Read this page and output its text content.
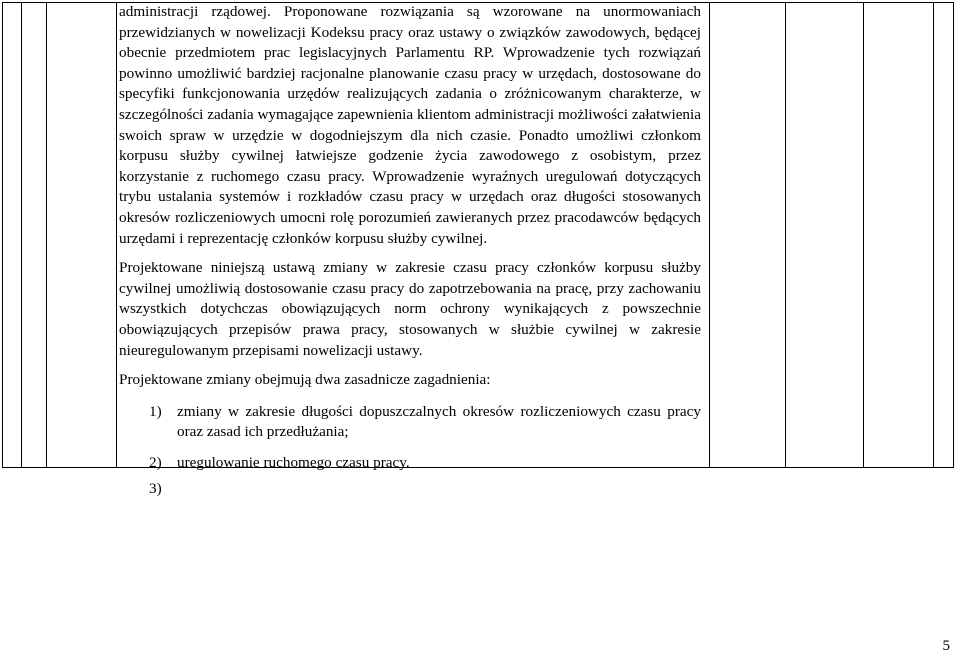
administracji rządowej. Proponowane rozwiązania są wzorowane na unormowaniach przewidzianych w nowelizacji Kodeksu pracy oraz ustawy o związków zawodowych, będącej obecnie przedmiotem prac legislacyjnych Parlamentu RP. Wprowadzenie tych rozwiązań powinno umożliwić bardziej racjonalne planowanie czasu pracy w urzędach, dostosowane do specyfiki funkcjonowania urzędów realizujących zadania o zróżnicowanym charakterze, w szczególności zadania wymagające zapewnienia klientom administracji możliwości załatwienia swoich spraw w urzędzie w dogodniejszym dla nich czasie. Ponadto umożliwi członkom korpusu służby cywilnej łatwiejsze godzenie życia zawodowego z osobistym, przez korzystanie z ruchomego czasu pracy. Wprowadzenie wyraźnych uregulowań dotyczących trybu ustalania systemów i rozkładów czasu pracy w urzędach oraz długości stosowanych okresów rozliczeniowych umocni rolę porozumień zawieranych przez pracodawców będących urzędami i reprezentację członków korpusu służby cywilnej.

Projektowane niniejszą ustawą zmiany w zakresie czasu pracy członków korpusu służby cywilnej umożliwią dostosowanie czasu pracy do zapotrzebowania na pracę, przy zachowaniu wszystkich dotychczas obowiązujących norm ochrony wynikających z powszechnie obowiązujących przepisów prawa pracy, stosowanych w służbie cywilnej w zakresie nieuregulowanym przepisami nowelizacji ustawy.

Projektowane zmiany obejmują dwa zasadnicze zagadnienia:

1)	zmiany w zakresie długości dopuszczalnych okresów rozliczeniowych czasu pracy oraz zasad ich przedłużania;
2)	uregulowanie ruchomego czasu pracy.
3)
5
